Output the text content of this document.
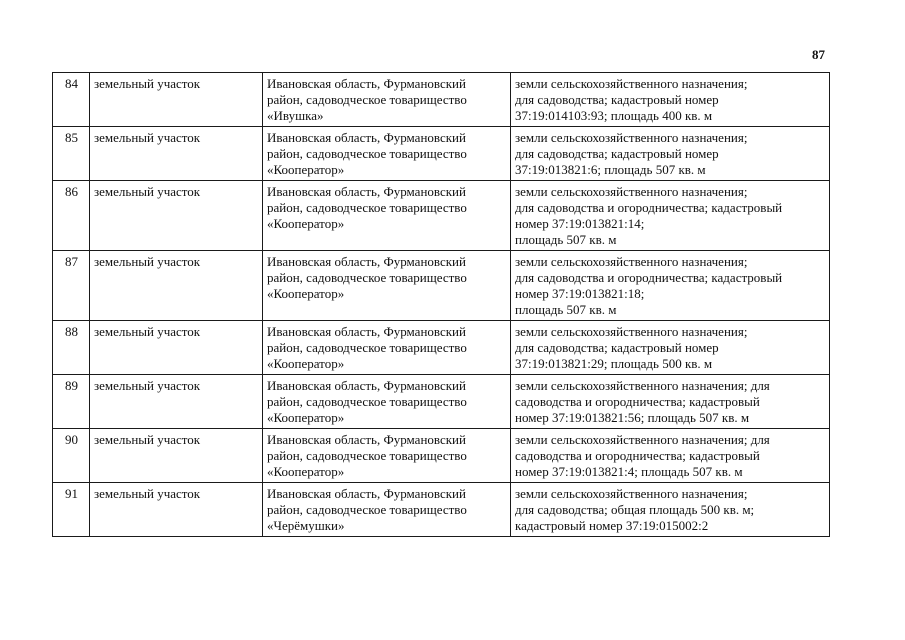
87
84	земельный участок	Ивановская область, Фурмановский
район, садоводческое товарищество
«Ивушка»	земли сельскохозяйственного назначения;
для садоводства; кадастровый номер
37:19:014103:93; площадь 400 кв. м

85	земельный участок	Ивановская область, Фурмановский
район, садоводческое товарищество
«Кооператор»	земли сельскохозяйственного назначения;
для садоводства; кадастровый номер
37:19:013821:6; площадь 507 кв. м

86	земельный участок	Ивановская область, Фурмановский
район, садоводческое товарищество
«Кооператор»	земли сельскохозяйственного назначения;
для садоводства и огородничества; кадастровый
номер 37:19:013821:14;
площадь 507 кв. м

87	земельный участок	Ивановская область, Фурмановский
район, садоводческое товарищество
«Кооператор»	земли сельскохозяйственного назначения;
для садоводства и огородничества; кадастровый
номер 37:19:013821:18;
площадь 507 кв. м

88	земельный участок	Ивановская область, Фурмановский
район, садоводческое товарищество
«Кооператор»	земли сельскохозяйственного назначения;
для садоводства; кадастровый номер
37:19:013821:29; площадь 500 кв. м

89	земельный участок	Ивановская область, Фурмановский
район, садоводческое товарищество
«Кооператор»	земли сельскохозяйственного назначения; для
садоводства и огородничества; кадастровый
номер 37:19:013821:56; площадь 507 кв. м

90	земельный участок	Ивановская область, Фурмановский
район, садоводческое товарищество
«Кооператор»	земли сельскохозяйственного назначения; для
садоводства и огородничества; кадастровый
номер 37:19:013821:4; площадь 507 кв. м

91	земельный участок	Ивановская область, Фурмановский
район, садоводческое товарищество
«Черёмушки»	земли сельскохозяйственного назначения;
для садоводства; общая площадь 500 кв. м;
кадастровый номер 37:19:015002:2
